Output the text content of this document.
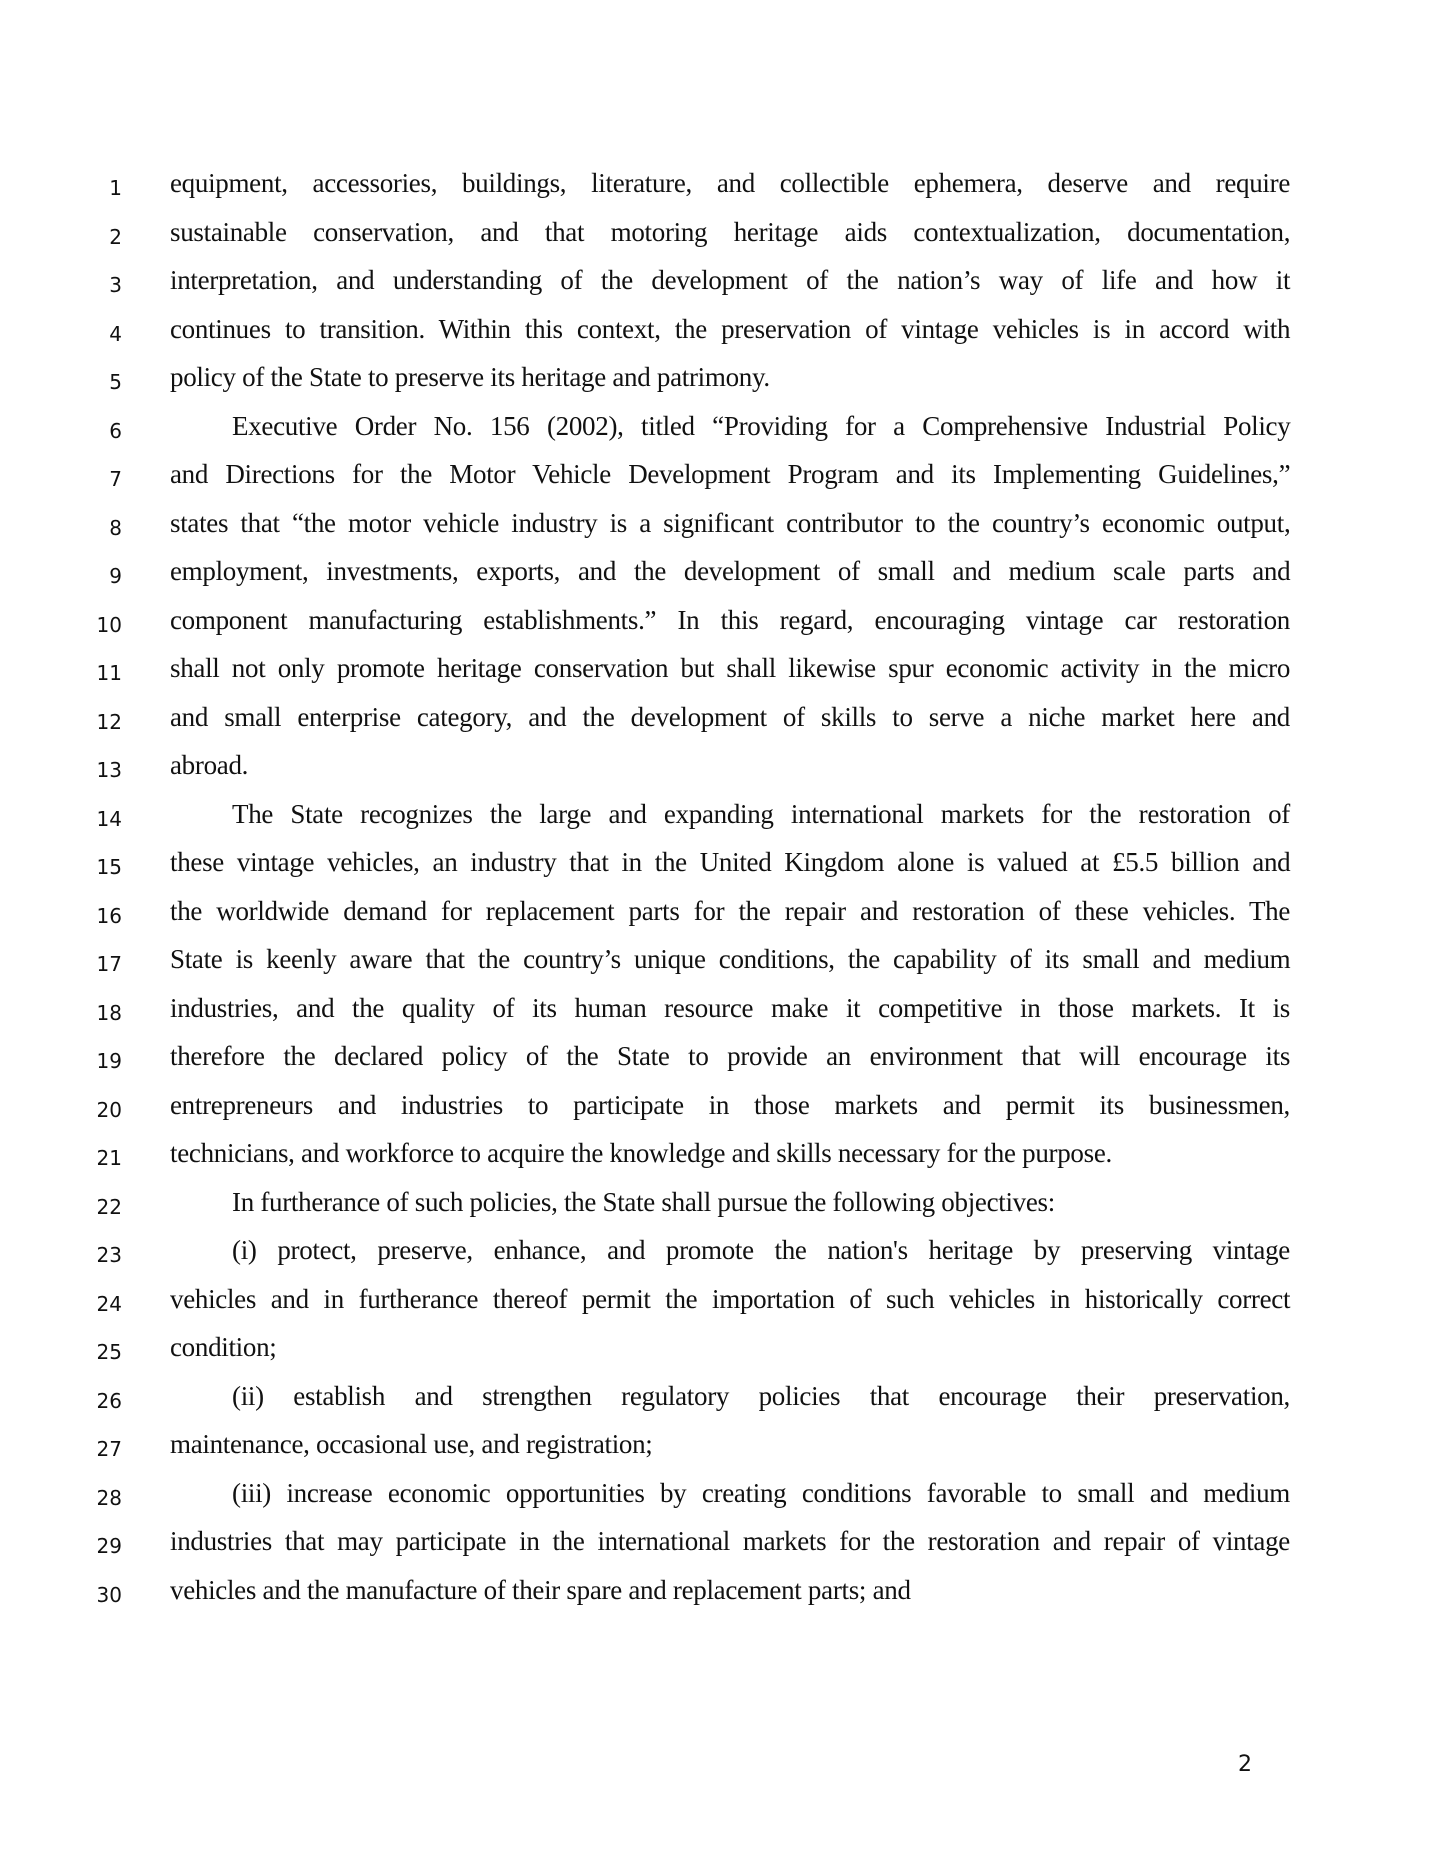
1 equipment, accessories, buildings, literature, and collectible ephemera, deserve and require
2 sustainable conservation, and that motoring heritage aids contextualization, documentation,
3 interpretation, and understanding of the development of the nation’s way of life and how it
4 continues to transition. Within this context, the preservation of vintage vehicles is in accord with
5 policy of the State to preserve its heritage and patrimony.
6	Executive Order No. 156 (2002), titled “Providing for a Comprehensive Industrial Policy
7 and Directions for the Motor Vehicle Development Program and its Implementing Guidelines,”
8 states that “the motor vehicle industry is a significant contributor to the country’s economic output,
9 employment, investments, exports, and the development of small and medium scale parts and
10 component manufacturing establishments.” In this regard, encouraging vintage car restoration
11 shall not only promote heritage conservation but shall likewise spur economic activity in the micro
12 and small enterprise category, and the development of skills to serve a niche market here and
13 abroad.
14	The State recognizes the large and expanding international markets for the restoration of
15 these vintage vehicles, an industry that in the United Kingdom alone is valued at £5.5 billion and
16 the worldwide demand for replacement parts for the repair and restoration of these vehicles. The
17 State is keenly aware that the country’s unique conditions, the capability of its small and medium
18 industries, and the quality of its human resource make it competitive in those markets. It is
19 therefore the declared policy of the State to provide an environment that will encourage its
20 entrepreneurs and industries to participate in those markets and permit its businessmen,
21 technicians, and workforce to acquire the knowledge and skills necessary for the purpose.
22	In furtherance of such policies, the State shall pursue the following objectives:
23	(i) protect, preserve, enhance, and promote the nation's heritage by preserving vintage
24 vehicles and in furtherance thereof permit the importation of such vehicles in historically correct
25 condition;
26	(ii) establish and strengthen regulatory policies that encourage their preservation,
27 maintenance, occasional use, and registration;
28	(iii) increase economic opportunities by creating conditions favorable to small and medium
29 industries that may participate in the international markets for the restoration and repair of vintage
30 vehicles and the manufacture of their spare and replacement parts; and
2
